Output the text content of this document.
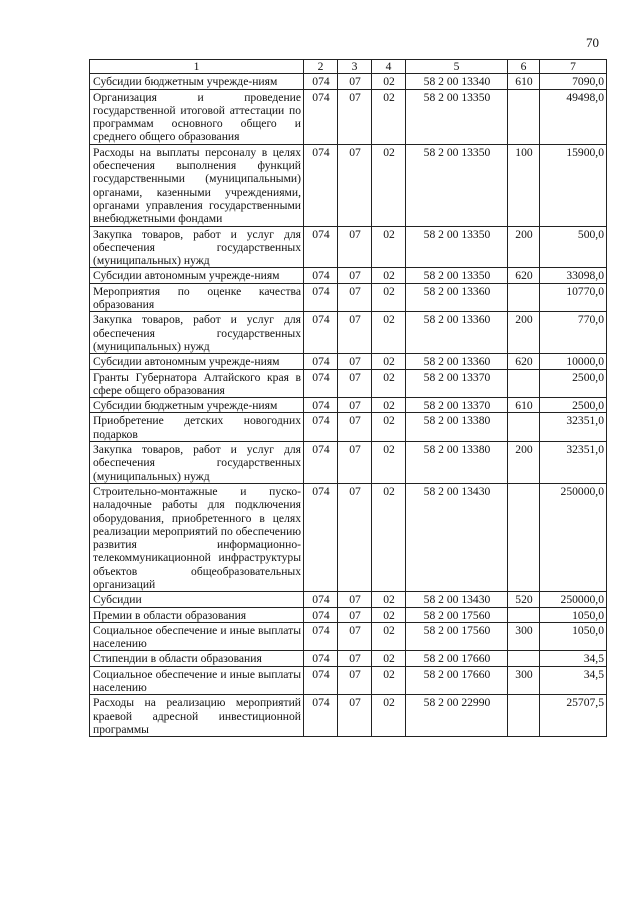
70
1	2	3	4	5	6	7
Субсидии бюджетным учрежде-ниям	074	07	02	58 2 00 13340	610	7090,0
Организация и проведение государственной итоговой аттестации по программам основного общего и среднего общего образования	074	07	02	58 2 00 13350		49498,0
Расходы на выплаты персоналу в целях обеспечения выполнения функций государственными (муниципальными) органами, казенными учреждениями, органами управления государственными внебюджетными фондами	074	07	02	58 2 00 13350	100	15900,0
Закупка товаров, работ и услуг для обеспечения государственных (муниципальных) нужд	074	07	02	58 2 00 13350	200	500,0
Субсидии автономным учрежде-ниям	074	07	02	58 2 00 13350	620	33098,0
Мероприятия по оценке качества образования	074	07	02	58 2 00 13360		10770,0
Закупка товаров, работ и услуг для обеспечения государственных (муниципальных) нужд	074	07	02	58 2 00 13360	200	770,0
Субсидии автономным учрежде-ниям	074	07	02	58 2 00 13360	620	10000,0
Гранты Губернатора Алтайского края в сфере общего образования	074	07	02	58 2 00 13370		2500,0
Субсидии бюджетным учрежде-ниям	074	07	02	58 2 00 13370	610	2500,0
Приобретение детских новогодних подарков	074	07	02	58 2 00 13380		32351,0
Закупка товаров, работ и услуг для обеспечения государственных (муниципальных) нужд	074	07	02	58 2 00 13380	200	32351,0
Строительно-монтажные и пуско-наладочные работы для подключения оборудования, приобретенного в целях реализации мероприятий по обеспечению развития информационно-телекоммуникационной инфраструктуры объектов общеобразовательных организаций	074	07	02	58 2 00 13430		250000,0
Субсидии	074	07	02	58 2 00 13430	520	250000,0
Премии в области образования	074	07	02	58 2 00 17560		1050,0
Социальное обеспечение и иные выплаты населению	074	07	02	58 2 00 17560	300	1050,0
Стипендии в области образования	074	07	02	58 2 00 17660		34,5
Социальное обеспечение и иные выплаты населению	074	07	02	58 2 00 17660	300	34,5
Расходы на реализацию мероприятий краевой адресной инвестиционной программы	074	07	02	58 2 00 22990		25707,5
